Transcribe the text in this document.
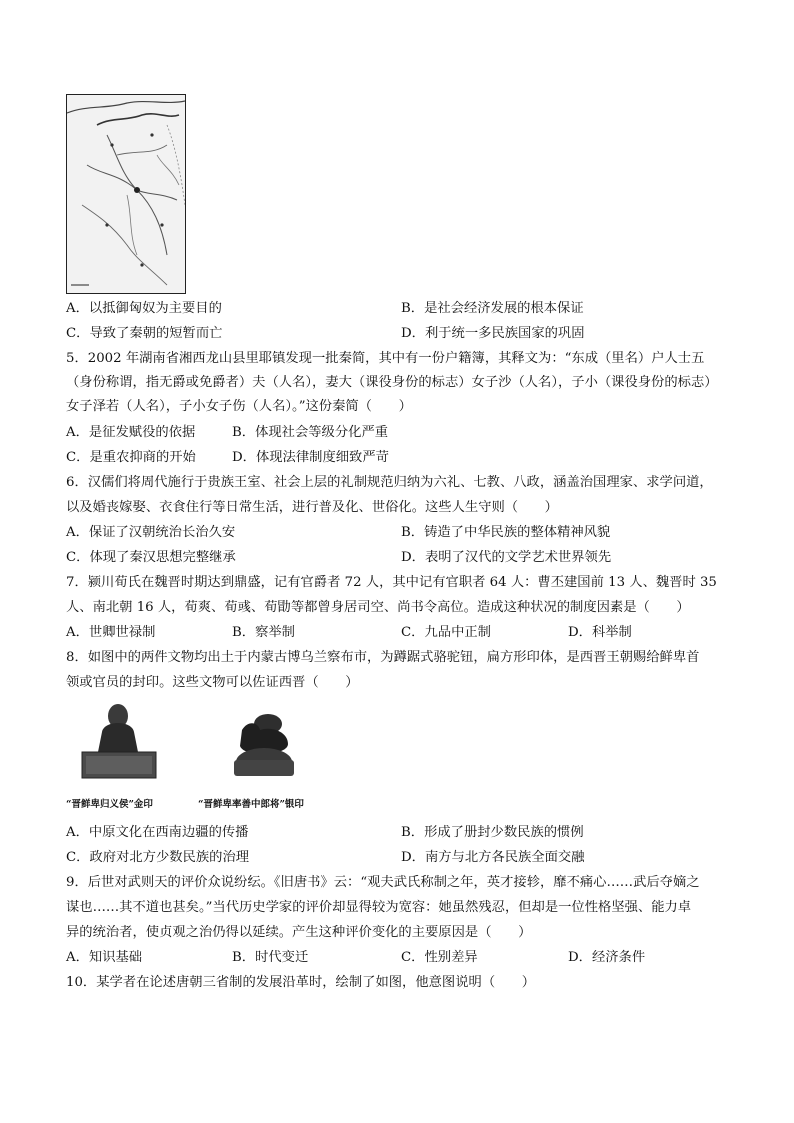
A．以抵御匈奴为主要目的	B．是社会经济发展的根本保证
C．导致了秦朝的短暂而亡	D．利于统一多民族国家的巩固
5．2002 年湖南省湘西龙山县里耶镇发现一批秦简，其中有一份户籍簿，其释文为：“东成（里名）户人士五
（身份称谓，指无爵或免爵者）夫（人名），妻大（课役身份的标志）女子沙（人名），子小（课役身份的标志）
女子泽若（人名），子小女子伤（人名）。”这份秦简（　　）
A．是征发赋役的依据	B．体现社会等级分化严重
C．是重农抑商的开始	D．体现法律制度细致严苛
6．汉儒们将周代施行于贵族王室、社会上层的礼制规范归纳为六礼、七教、八政，涵盖治国理家、求学问道，
以及婚丧嫁娶、衣食住行等日常生活，进行普及化、世俗化。这些人生守则（　　）
A．保证了汉朝统治长治久安	B．铸造了中华民族的整体精神风貌
C．体现了秦汉思想完整继承	D．表明了汉代的文学艺术世界领先
7．颍川荀氏在魏晋时期达到鼎盛，记有官爵者 72 人，其中记有官职者 64 人：曹丕建国前 13 人、魏晋时 35
人、南北朝 16 人，荀爽、荀彧、荀勖等都曾身居司空、尚书令高位。造成这种状况的制度因素是（　　）
A．世卿世禄制	B．察举制	C．九品中正制	D．科举制
8．如图中的两件文物均出土于内蒙古博乌兰察布市，为蹲踞式骆驼钮，扁方形印体，是西晋王朝赐给鲜卑首
领或官员的封印。这些文物可以佐证西晋（　　）
“晋鲜卑归义侯”金印	“晋鲜卑率善中郎将”银印
A．中原文化在西南边疆的传播	B．形成了册封少数民族的惯例
C．政府对北方少数民族的治理	D．南方与北方各民族全面交融
9．后世对武则天的评价众说纷纭。《旧唐书》云：“观夫武氏称制之年，英才接轸，靡不痛心……武后夺嫡之
谋也……其不道也甚矣。”当代历史学家的评价却显得较为宽容：她虽然残忍，但却是一位性格坚强、能力卓
异的统治者，使贞观之治仍得以延续。产生这种评价变化的主要原因是（　　）
A．知识基础	B．时代变迁	C．性别差异	D．经济条件
10．某学者在论述唐朝三省制的发展沿革时，绘制了如图，他意图说明（　　）
